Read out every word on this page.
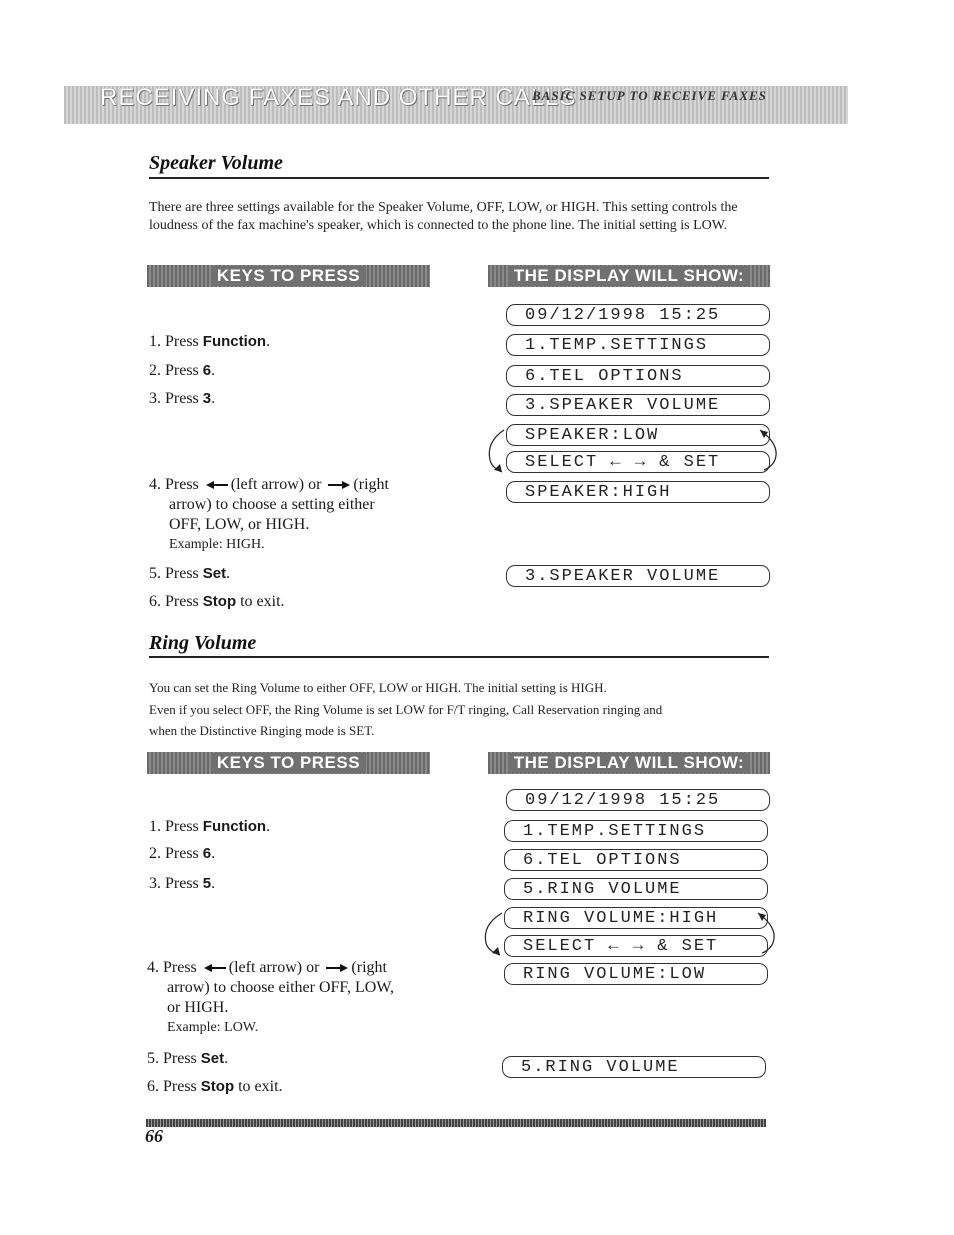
RECEIVING FAXES AND OTHER CALLS
BASIC SETUP TO RECEIVE FAXES
Speaker Volume
There are three settings available for the Speaker Volume, OFF, LOW, or HIGH. This setting controls the loudness of the fax machine's speaker, which is connected to the phone line. The initial setting is LOW.
KEYS TO PRESS	THE DISPLAY WILL SHOW:
1. Press Function.
2. Press 6.
3. Press 3.
4. Press (left arrow) or (right
arrow) to choose a setting either
OFF, LOW, or HIGH.
Example: HIGH.
5. Press Set.
6. Press Stop to exit.
09/12/1998 15:25
1.TEMP.SETTINGS
6.TEL OPTIONS
3.SPEAKER VOLUME
SPEAKER:LOW
SELECT ← → & SET
SPEAKER:HIGH
3.SPEAKER VOLUME
Ring Volume
You can set the Ring Volume to either OFF, LOW or HIGH. The initial setting is HIGH.
Even if you select OFF, the Ring Volume is set LOW for F/T ringing, Call Reservation ringing and
when the Distinctive Ringing mode is SET.
KEYS TO PRESS	THE DISPLAY WILL SHOW:
1. Press Function.
2. Press 6.
3. Press 5.
4. Press (left arrow) or (right
arrow) to choose either OFF, LOW,
or HIGH.
Example: LOW.
5. Press Set.
6. Press Stop to exit.
09/12/1998 15:25
1.TEMP.SETTINGS
6.TEL OPTIONS
5.RING VOLUME
RING VOLUME:HIGH
SELECT ← → & SET
RING VOLUME:LOW
5.RING VOLUME
66
